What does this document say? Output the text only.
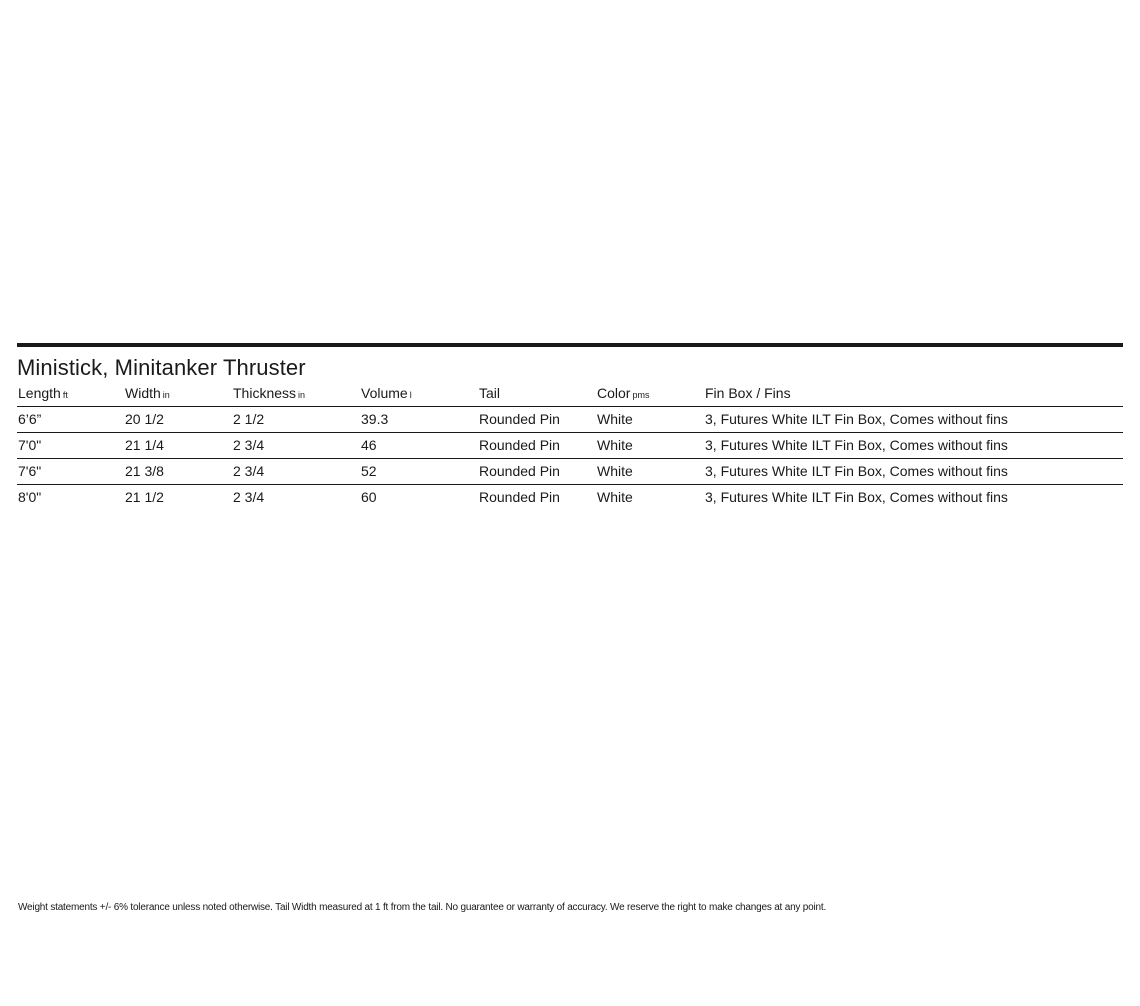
Ministick, Minitanker Thruster
Length ft	Width in	Thickness in	Volume l	Tail	Color pms	Fin Box / Fins
6’6”	20 1/2	2 1/2	39.3	Rounded Pin	White	3, Futures White ILT Fin Box, Comes without fins
7'0"	21 1/4	2 3/4	46	Rounded Pin	White	3, Futures White ILT Fin Box, Comes without fins
7'6"	21 3/8	2 3/4	52	Rounded Pin	White	3, Futures White ILT Fin Box, Comes without fins
8'0"	21 1/2	2 3/4	60	Rounded Pin	White	3, Futures White ILT Fin Box, Comes without fins
Weight statements +/- 6% tolerance unless noted otherwise. Tail Width measured at 1 ft from the tail. No guarantee or warranty of accuracy. We reserve the right to make changes at any point.
